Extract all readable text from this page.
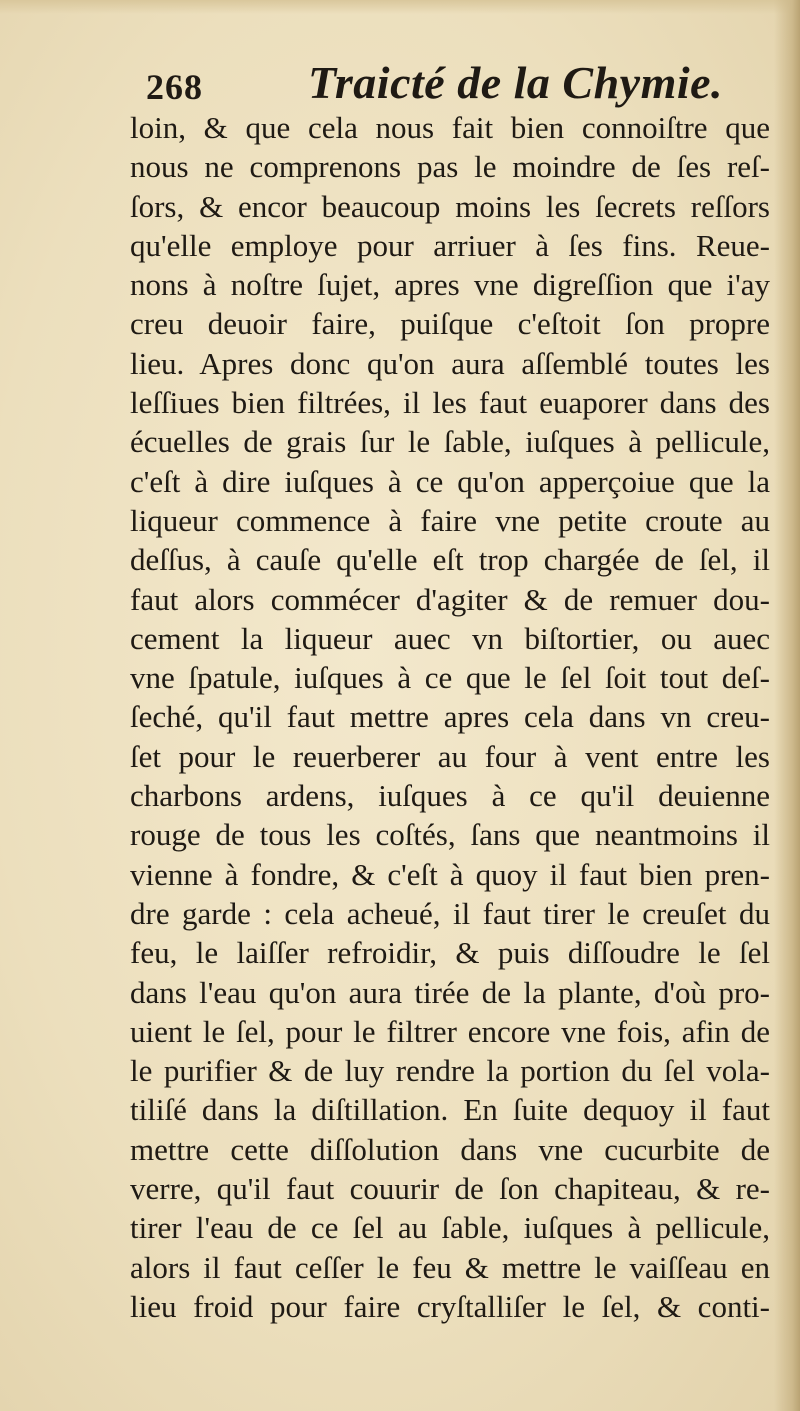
268 Traicté de la Chymie.
loin, & que cela nous fait bien connoiſtre que
nous ne comprenons pas le moindre de ſes reſ-
ſors, & encor beaucoup moins les ſecrets reſſors
qu'elle employe pour arriuer à ſes fins. Reue-
nons à noſtre ſujet, apres vne digreſſion que i'ay
creu deuoir faire, puiſque c'eſtoit ſon propre
lieu. Apres donc qu'on aura aſſemblé toutes les
leſſiues bien filtrées, il les faut euaporer dans des
écuelles de grais ſur le ſable, iuſques à pellicule,
c'eſt à dire iuſques à ce qu'on apperçoiue que la
liqueur commence à faire vne petite croute au
deſſus, à cauſe qu'elle eſt trop chargée de ſel, il
faut alors commécer d'agiter & de remuer dou-
cement la liqueur auec vn biſtortier, ou auec
vne ſpatule, iuſques à ce que le ſel ſoit tout deſ-
ſeché, qu'il faut mettre apres cela dans vn creu-
ſet pour le reuerberer au four à vent entre les
charbons ardens, iuſques à ce qu'il deuienne
rouge de tous les coſtés, ſans que neantmoins il
vienne à fondre, & c'eſt à quoy il faut bien pren-
dre garde : cela acheué, il faut tirer le creuſet du
feu, le laiſſer refroidir, & puis diſſoudre le ſel
dans l'eau qu'on aura tirée de la plante, d'où pro-
uient le ſel, pour le filtrer encore vne fois, afin de
le purifier & de luy rendre la portion du ſel vola-
tiliſé dans la diſtillation. En ſuite dequoy il faut
mettre cette diſſolution dans vne cucurbite de
verre, qu'il faut couurir de ſon chapiteau, & re-
tirer l'eau de ce ſel au ſable, iuſques à pellicule,
alors il faut ceſſer le feu & mettre le vaiſſeau en
lieu froid pour faire cryſtalliſer le ſel, & conti-
